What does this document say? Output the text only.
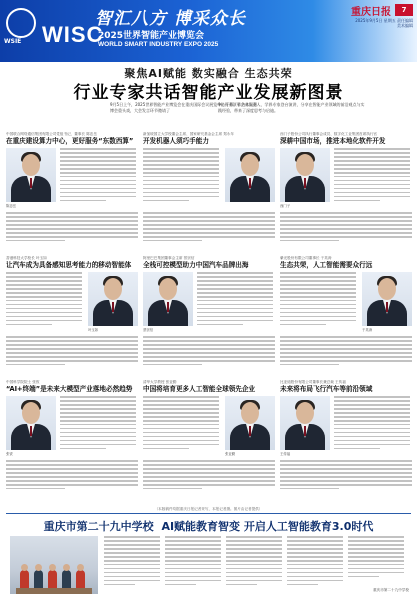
WSIE WISC
智汇八方 博采众长
2025世界智能产业博览会
WORLD SMART INDUSTRY EXPO 2025
重庆日报	7
2025年9月5日 星期五 责任编辑 美术编辑
聚焦AI赋能 数实融合 生态共荣
行业专家共话智能产业发展新图景
9月5日上午，2025世界智能产业博览会在重庆国际会议展览中心开幕。作为本届智博会重头戏，大会发言环节邀请了
9位行业领军企业负责人、学界专家登台演讲，分享在智能产业领域的前沿观点与实践经验，带来了深度思考与启迪。
中国联合网络通信集团有限公司党组书记、董事长 陈忠岳
在重庆建设算力中心，更好服务“东数西算”
陈忠岳
新加坡国立大学校董会主席、国家研究基金会主席 郑永年
开发机器人须巧手能力
西门子股份公司执行董事会成员、数字化工业集团首席执行官
深耕中国市场，推进本地化软件开发
西门子
香港科技大学校长 叶玉如
让汽车成为具备感知思考能力的移动智能体
叶玉如
阿里巴巴集团董事会主席 蔡崇信
全栈可控模型助力中国汽车品牌出海
蔡崇信
紫光股份有限公司董事长 于英涛
生态共荣，人工智能需要众行远
于英涛
中国科学院院士 张钹
“AI+终端”是未来大模型产业落地必然趋势
张钹
清华大学教授 张亚勤
中国将培育更多人工智能全球领先企业
张亚勤
比亚迪股份有限公司董事长兼总裁 王传福
未来将布局飞行汽车等前沿领域
王传福
（本版稿件均据重庆日报记者采写，本报记者摄。图片由记者提供）
重庆市第二十九中学校 AI赋能教育智变 开启人工智能教育3.0时代
重庆市第二十九中学校
